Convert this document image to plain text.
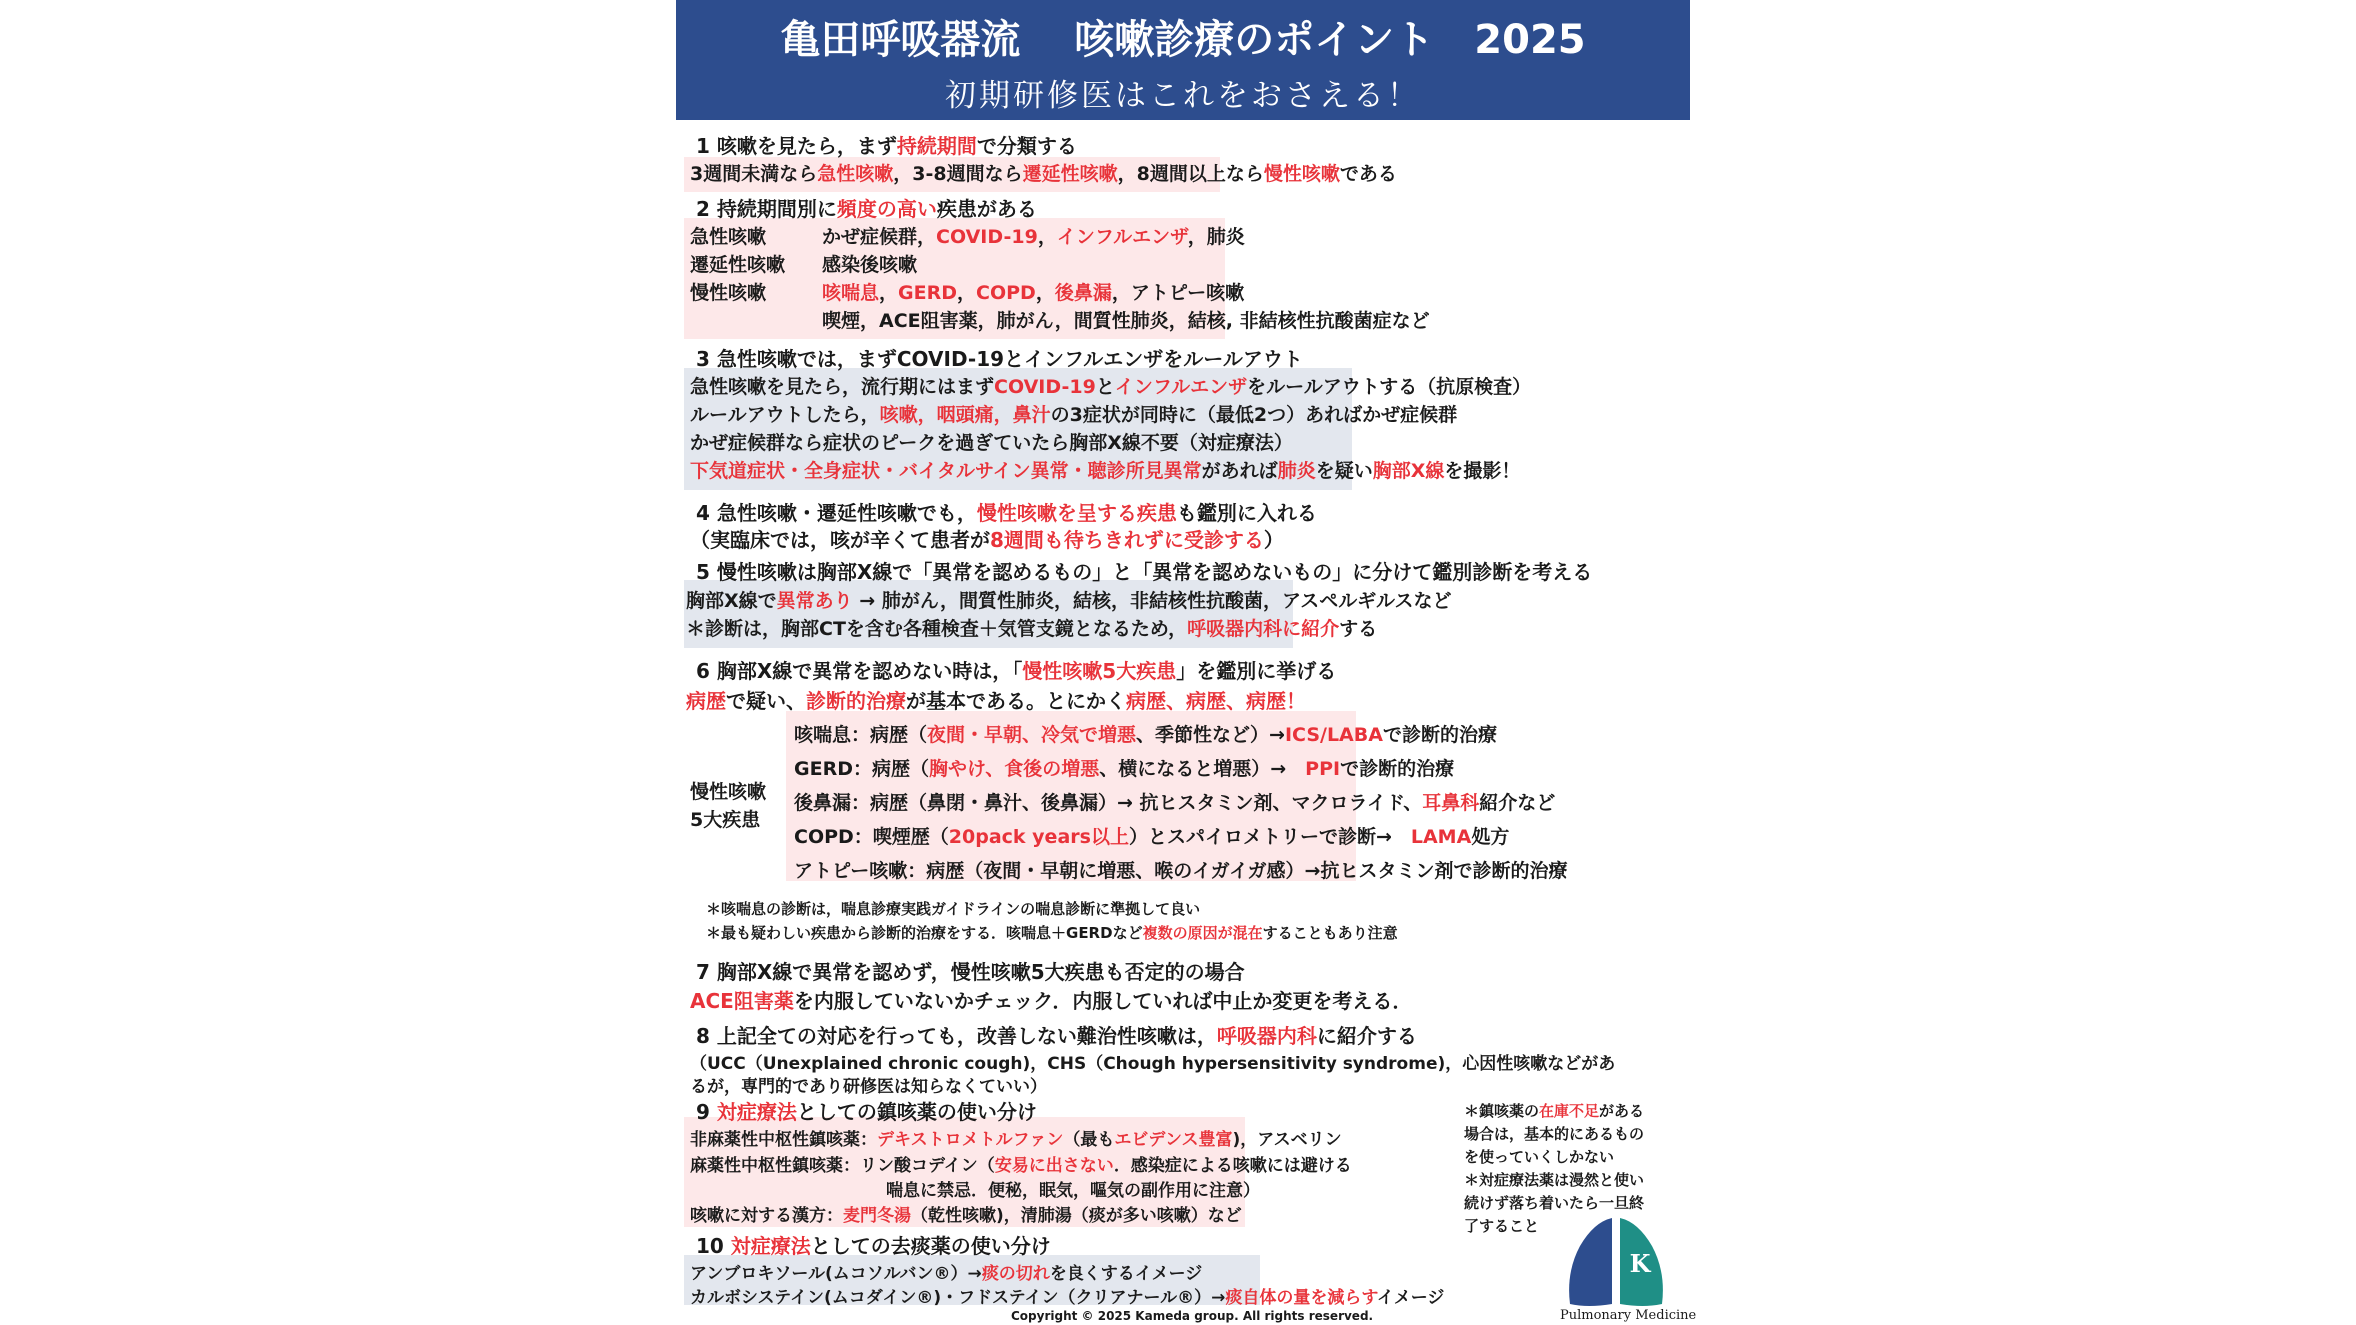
亀田呼吸器流　 咳嗽診療のポイント　2025
初期研修医はこれをおさえる！
1 咳嗽を見たら，まず持続期間で分類する
3週間未満なら急性咳嗽，3-8週間なら遷延性咳嗽，8週間以上なら慢性咳嗽である
2 持続期間別に頻度の高い疾患がある
急性咳嗽
遷延性咳嗽
慢性咳嗽
かぜ症候群，COVID-19，インフルエンザ，肺炎
感染後咳嗽
咳喘息，GERD，COPD，後鼻漏，アトピー咳嗽
喫煙，ACE阻害薬，肺がん，間質性肺炎，結核, 非結核性抗酸菌症など
3 急性咳嗽では，まずCOVID-19とインフルエンザをルールアウト
急性咳嗽を見たら，流行期にはまずCOVID-19とインフルエンザをルールアウトする（抗原検査）
ルールアウトしたら，咳嗽，咽頭痛，鼻汁の3症状が同時に（最低2つ）あればかぜ症候群
かぜ症候群なら症状のピークを過ぎていたら胸部X線不要（対症療法）
下気道症状・全身症状・バイタルサイン異常・聴診所見異常があれば肺炎を疑い胸部X線を撮影！
4 急性咳嗽・遷延性咳嗽でも，慢性咳嗽を呈する疾患も鑑別に入れる
（実臨床では，咳が辛くて患者が8週間も待ちきれずに受診する）
5 慢性咳嗽は胸部X線で「異常を認めるもの」と「異常を認めないもの」に分けて鑑別診断を考える
胸部X線で異常あり → 肺がん，間質性肺炎，結核，非結核性抗酸菌，アスペルギルスなど
＊診断は，胸部CTを含む各種検査＋気管支鏡となるため，呼吸器内科に紹介する
6 胸部X線で異常を認めない時は，「慢性咳嗽5大疾患」を鑑別に挙げる
病歴で疑い、診断的治療が基本である。とにかく病歴、病歴、病歴！
慢性咳嗽
5大疾患
咳喘息：病歴（夜間・早朝、冷気で増悪、季節性など）→ICS/LABAで診断的治療
GERD：病歴（胸やけ、食後の増悪、横になると増悪）→　PPIで診断的治療
後鼻漏：病歴（鼻閉・鼻汁、後鼻漏）→ 抗ヒスタミン剤、マクロライド、耳鼻科紹介など
COPD：喫煙歴（20pack years以上）とスパイロメトリーで診断→　LAMA処方
アトピー咳嗽：病歴（夜間・早朝に増悪、喉のイガイガ感）→抗ヒスタミン剤で診断的治療
＊咳喘息の診断は，喘息診療実践ガイドラインの喘息診断に準拠して良い
＊最も疑わしい疾患から診断的治療をする．咳喘息＋GERDなど複数の原因が混在することもあり注意
7 胸部X線で異常を認めず，慢性咳嗽5大疾患も否定的の場合
ACE阻害薬を内服していないかチェック．内服していれば中止か変更を考える．
8 上記全ての対応を行っても，改善しない難治性咳嗽は，呼吸器内科に紹介する
（UCC（Unexplained chronic cough)，CHS（Chough hypersensitivity syndrome)，心因性咳嗽などがあ
るが，専門的であり研修医は知らなくていい）
9 対症療法としての鎮咳薬の使い分け
非麻薬性中枢性鎮咳薬：デキストロメトルファン（最もエビデンス豊富)，アスベリン
麻薬性中枢性鎮咳薬：リン酸コデイン（安易に出さない．感染症による咳嗽には避ける
喘息に禁忌．便秘，眠気，嘔気の副作用に注意）
咳嗽に対する漢方：麦門冬湯（乾性咳嗽)，清肺湯（痰が多い咳嗽）など
＊鎮咳薬の在庫不足がある
場合は，基本的にあるもの
を使っていくしかない
＊対症療法薬は漫然と使い
続けず落ち着いたら一旦終
了すること
10 対症療法としての去痰薬の使い分け
アンブロキソール(ムコソルバン®）→痰の切れを良くするイメージ
カルボシステイン(ムコダイン®)・フドステイン（クリアナール®）→痰自体の量を減らすイメージ
Copyright © 2025 Kameda group. All rights reserved.
K
Pulmonary Medicine
